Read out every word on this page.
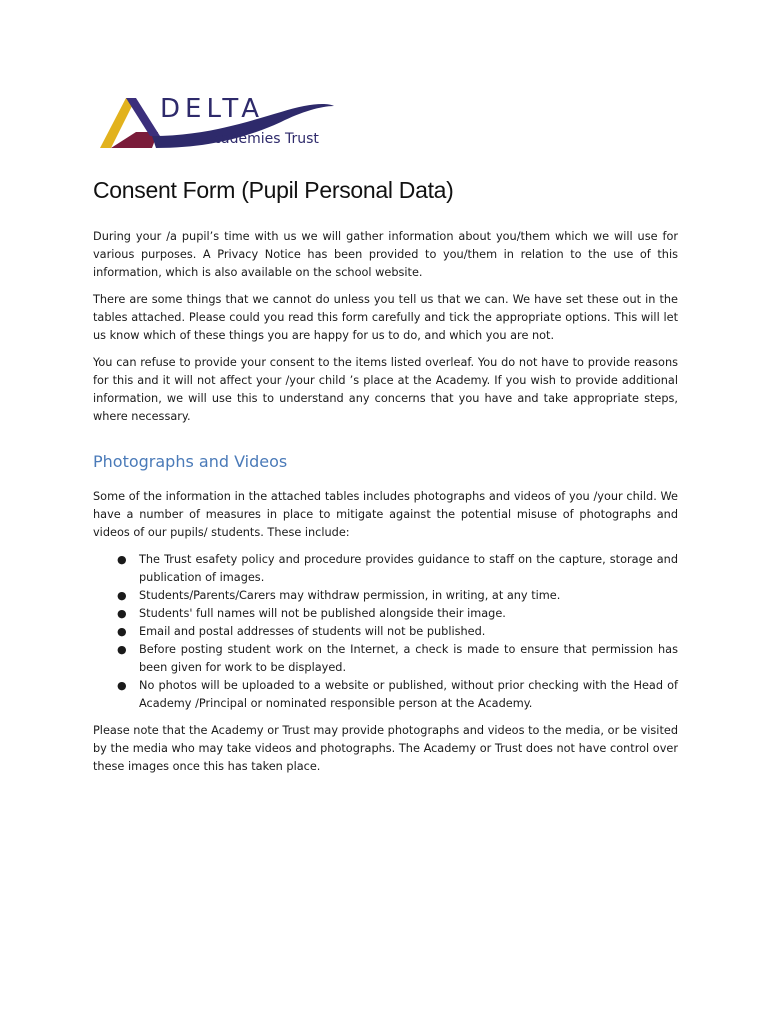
DELTA
Academies Trust
Consent Form (Pupil Personal Data)

During your /a pupil’s time with us we will gather information about you/them which we will use for various purposes. A Privacy Notice has been provided to you/them in relation to the use of this information, which is also available on the school website.

There are some things that we cannot do unless you tell us that we can. We have set these out in the tables attached. Please could you read this form carefully and tick the appropriate options. This will let us know which of these things you are happy for us to do, and which you are not.

You can refuse to provide your consent to the items listed overleaf. You do not have to provide reasons for this and it will not affect your /your child ’s place at the Academy. If you wish to provide additional information, we will use this to understand any concerns that you have and take appropriate steps, where necessary.

Photographs and Videos

Some of the information in the attached tables includes photographs and videos of you /your child. We have a number of measures in place to mitigate against the potential misuse of photographs and videos of our pupils/ students. These include:

● The Trust esafety policy and procedure provides guidance to staff on the capture, storage and publication of images.
● Students/Parents/Carers may withdraw permission, in writing, at any time.
● Students' full names will not be published alongside their image.
● Email and postal addresses of students will not be published.
● Before posting student work on the Internet, a check is made to ensure that permission has been given for work to be displayed.
● No photos will be uploaded to a website or published, without prior checking with the Head of Academy /Principal or nominated responsible person at the Academy.

Please note that the Academy or Trust may provide photographs and videos to the media, or be visited by the media who may take videos and photographs. The Academy or Trust does not have control over these images once this has taken place.
